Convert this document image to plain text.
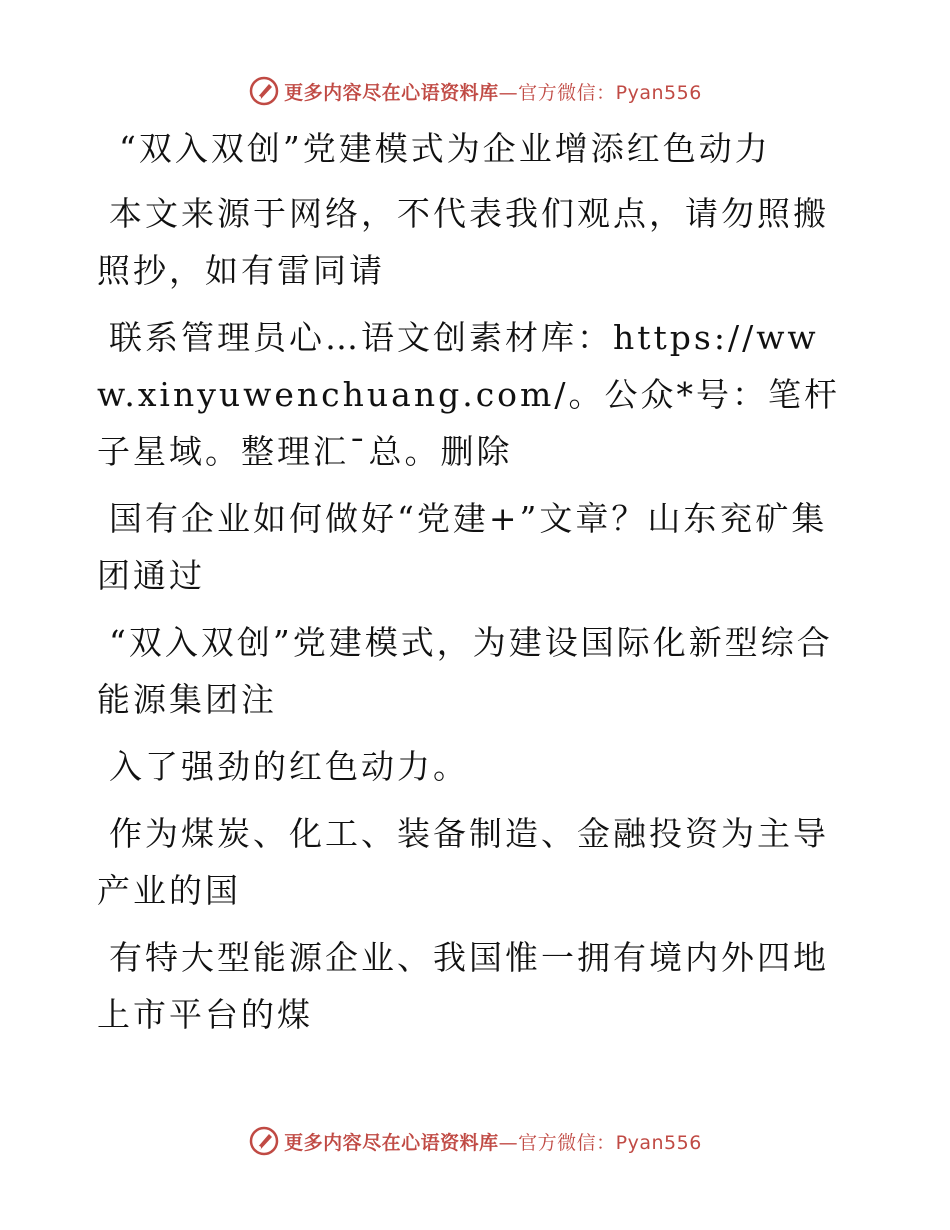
更多内容尽在心语资料库 —官方微信：Pyan556

“双入双创”党建模式为企业增添红色动力

本文来源于网络，不代表我们观点，请勿照搬照抄，如有雷同请

联系管理员心…语文创素材库：https://www.xinyuwenchuang.com/。公众*号：笔杆子星域。整理汇¯总。删除

国有企业如何做好“党建+”文章？山东兖矿集团通过

“双入双创”党建模式，为建设国际化新型综合能源集团注

入了强劲的红色动力。

作为煤炭、化工、装备制造、金融投资为主导产业的国

有特大型能源企业、我国惟一拥有境内外四地上市平台的煤

更多内容尽在心语资料库 —官方微信：Pyan556
